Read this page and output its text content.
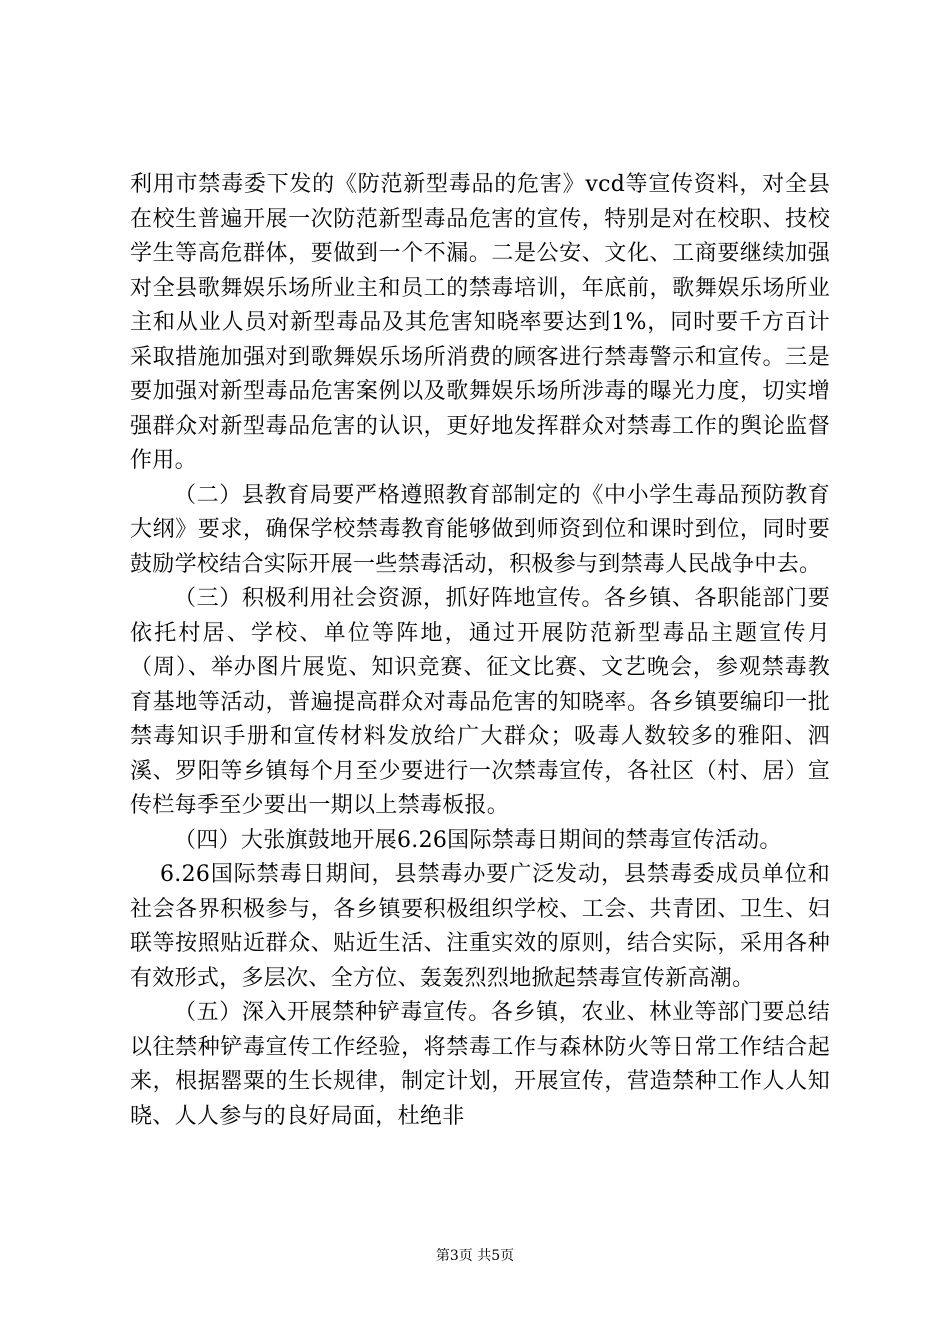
利用市禁毒委下发的《防范新型毒品的危害》vcd等宣传资料，对全县在校生普遍开展一次防范新型毒品危害的宣传，特别是对在校职、技校学生等高危群体，要做到一个不漏。二是公安、文化、工商要继续加强对全县歌舞娱乐场所业主和员工的禁毒培训，年底前，歌舞娱乐场所业主和从业人员对新型毒品及其危害知晓率要达到1%，同时要千方百计采取措施加强对到歌舞娱乐场所消费的顾客进行禁毒警示和宣传。三是要加强对新型毒品危害案例以及歌舞娱乐场所涉毒的曝光力度，切实增强群众对新型毒品危害的认识，更好地发挥群众对禁毒工作的舆论监督作用。

（二）县教育局要严格遵照教育部制定的《中小学生毒品预防教育大纲》要求，确保学校禁毒教育能够做到师资到位和课时到位，同时要鼓励学校结合实际开展一些禁毒活动，积极参与到禁毒人民战争中去。

（三）积极利用社会资源，抓好阵地宣传。各乡镇、各职能部门要依托村居、学校、单位等阵地，通过开展防范新型毒品主题宣传月（周）、举办图片展览、知识竞赛、征文比赛、文艺晚会，参观禁毒教育基地等活动，普遍提高群众对毒品危害的知晓率。各乡镇要编印一批禁毒知识手册和宣传材料发放给广大群众；吸毒人数较多的雅阳、泗溪、罗阳等乡镇每个月至少要进行一次禁毒宣传，各社区（村、居）宣传栏每季至少要出一期以上禁毒板报。

（四）大张旗鼓地开展6.26国际禁毒日期间的禁毒宣传活动。

6.26国际禁毒日期间，县禁毒办要广泛发动，县禁毒委成员单位和社会各界积极参与，各乡镇要积极组织学校、工会、共青团、卫生、妇联等按照贴近群众、贴近生活、注重实效的原则，结合实际，采用各种有效形式，多层次、全方位、轰轰烈烈地掀起禁毒宣传新高潮。

（五）深入开展禁种铲毒宣传。各乡镇，农业、林业等部门要总结以往禁种铲毒宣传工作经验，将禁毒工作与森林防火等日常工作结合起来，根据罂粟的生长规律，制定计划，开展宣传，营造禁种工作人人知晓、人人参与的良好局面，杜绝非

第3页 共5页
